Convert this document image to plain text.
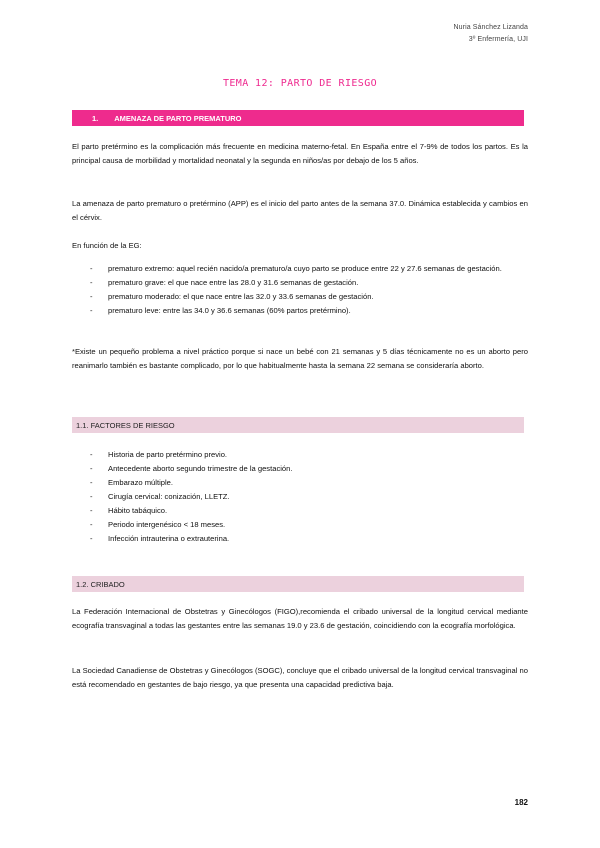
Nuria Sánchez Lizanda
3º Enfermería, UJI
TEMA 12: PARTO DE RIESGO
1. AMENAZA DE PARTO PREMATURO
El parto pretérmino es la complicación más frecuente en medicina materno-fetal. En España entre el 7-9% de todos los partos. Es la principal causa de morbilidad y mortalidad neonatal y la segunda en niños/as por debajo de los 5 años.
La amenaza de parto prematuro o pretérmino (APP) es el inicio del parto antes de la semana 37.0. Dinámica establecida y cambios en el cérvix.
En función de la EG:
- prematuro extremo: aquel recién nacido/a prematuro/a cuyo parto se produce entre 22 y 27.6 semanas de gestación.
- prematuro grave: el que nace entre las 28.0 y 31.6 semanas de gestación.
- prematuro moderado: el que nace entre las 32.0 y 33.6 semanas de gestación.
- prematuro leve: entre las 34.0 y 36.6 semanas (60% partos pretérmino).
*Existe un pequeño problema a nivel práctico porque si nace un bebé con 21 semanas y 5 días técnicamente no es un aborto pero reanimarlo también es bastante complicado, por lo que habitualmente hasta la semana 22 semana se consideraría aborto.
1.1. FACTORES DE RIESGO
- Historia de parto pretérmino previo.
- Antecedente aborto segundo trimestre de la gestación.
- Embarazo múltiple.
- Cirugía cervical: conización, LLETZ.
- Hábito tabáquico.
- Periodo intergenésico < 18 meses.
- Infección intrauterina o extrauterina.
1.2. CRIBADO
La Federación Internacional de Obstetras y Ginecólogos (FIGO),recomienda el cribado universal de la longitud cervical mediante ecografía transvaginal a todas las gestantes entre las semanas 19.0 y 23.6 de gestación, coincidiendo con la ecografía morfológica.
La Sociedad Canadiense de Obstetras y Ginecólogos (SOGC), concluye que el cribado universal de la longitud cervical transvaginal no está recomendado en gestantes de bajo riesgo, ya que presenta una capacidad predictiva baja.
182
